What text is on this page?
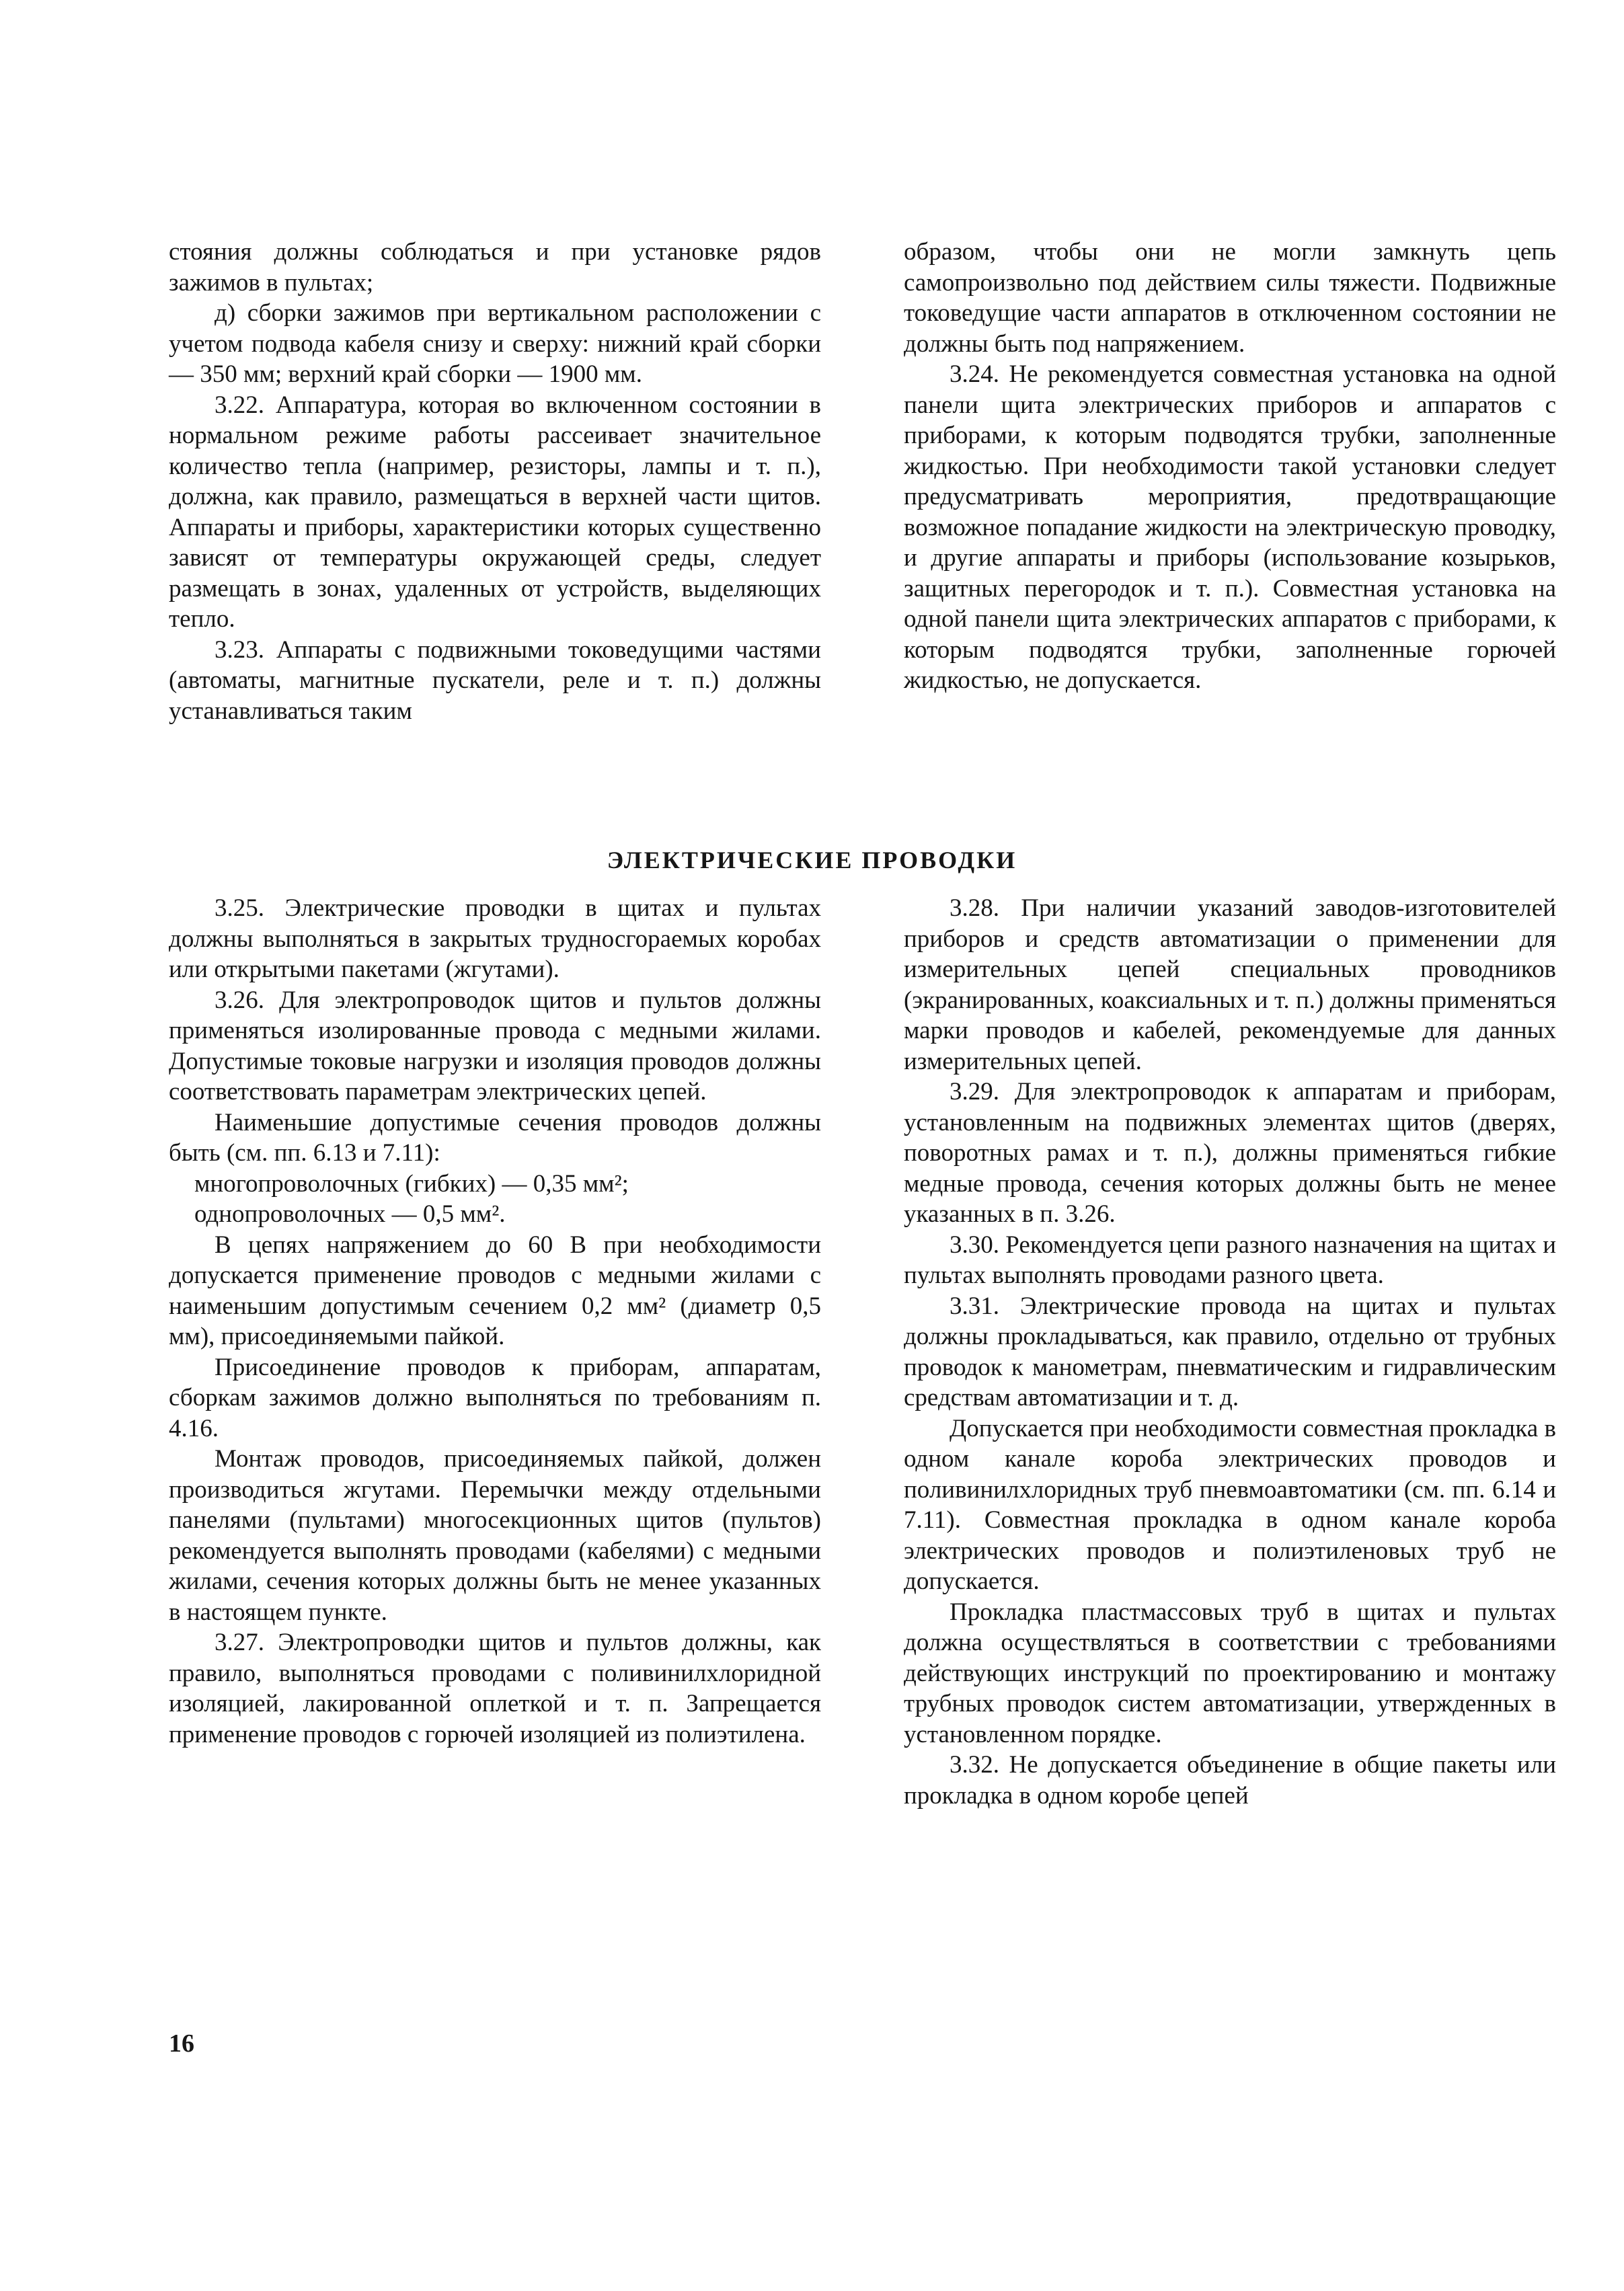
стояния должны соблюдаться и при установке рядов зажимов в пультах;

д) сборки зажимов при вертикальном расположении с учетом подвода кабеля снизу и сверху: нижний край сборки — 350 мм; верхний край сборки — 1900 мм.

3.22. Аппаратура, которая во включенном состоянии в нормальном режиме работы рассеивает значительное количество тепла (например, резисторы, лампы и т. п.), должна, как правило, размещаться в верхней части щитов. Аппараты и приборы, характеристики которых существенно зависят от температуры окружающей среды, следует размещать в зонах, удаленных от устройств, выделяющих тепло.

3.23. Аппараты с подвижными токоведущими частями (автоматы, магнитные пускатели, реле и т. п.) должны устанавливаться таким

образом, чтобы они не могли замкнуть цепь самопроизвольно под действием силы тяжести. Подвижные токоведущие части аппаратов в отключенном состоянии не должны быть под напряжением.

3.24. Не рекомендуется совместная установка на одной панели щита электрических приборов и аппаратов с приборами, к которым подводятся трубки, заполненные жидкостью. При необходимости такой установки следует предусматривать мероприятия, предотвращающие возможное попадание жидкости на электрическую проводку, и другие аппараты и приборы (использование козырьков, защитных перегородок и т. п.). Совместная установка на одной панели щита электрических аппаратов с приборами, к которым подводятся трубки, заполненные горючей жидкостью, не допускается.

ЭЛЕКТРИЧЕСКИЕ ПРОВОДКИ

3.25. Электрические проводки в щитах и пультах должны выполняться в закрытых трудносгораемых коробах или открытыми пакетами (жгутами).

3.26. Для электропроводок щитов и пультов должны применяться изолированные провода с медными жилами. Допустимые токовые нагрузки и изоляция проводов должны соответствовать параметрам электрических цепей.

Наименьшие допустимые сечения проводов должны быть (см. пп. 6.13 и 7.11):

многопроволочных (гибких) — 0,35 мм²;

однопроволочных — 0,5 мм².

В цепях напряжением до 60 В при необходимости допускается применение проводов с медными жилами с наименьшим допустимым сечением 0,2 мм² (диаметр 0,5 мм), присоединяемыми пайкой.

Присоединение проводов к приборам, аппаратам, сборкам зажимов должно выполняться по требованиям п. 4.16.

Монтаж проводов, присоединяемых пайкой, должен производиться жгутами. Перемычки между отдельными панелями (пультами) многосекционных щитов (пультов) рекомендуется выполнять проводами (кабелями) с медными жилами, сечения которых должны быть не менее указанных в настоящем пункте.

3.27. Электропроводки щитов и пультов должны, как правило, выполняться проводами с поливинилхлоридной изоляцией, лакированной оплеткой и т. п. Запрещается применение проводов с горючей изоляцией из полиэтилена.

3.28. При наличии указаний заводов-изготовителей приборов и средств автоматизации о применении для измерительных цепей специальных проводников (экранированных, коаксиальных и т. п.) должны применяться марки проводов и кабелей, рекомендуемые для данных измерительных цепей.

3.29. Для электропроводок к аппаратам и приборам, установленным на подвижных элементах щитов (дверях, поворотных рамах и т. п.), должны применяться гибкие медные провода, сечения которых должны быть не менее указанных в п. 3.26.

3.30. Рекомендуется цепи разного назначения на щитах и пультах выполнять проводами разного цвета.

3.31. Электрические провода на щитах и пультах должны прокладываться, как правило, отдельно от трубных проводок к манометрам, пневматическим и гидравлическим средствам автоматизации и т. д.

Допускается при необходимости совместная прокладка в одном канале короба электрических проводов и поливинилхлоридных труб пневмоавтоматики (см. пп. 6.14 и 7.11). Совместная прокладка в одном канале короба электрических проводов и полиэтиленовых труб не допускается.

Прокладка пластмассовых труб в щитах и пультах должна осуществляться в соответствии с требованиями действующих инструкций по проектированию и монтажу трубных проводок систем автоматизации, утвержденных в установленном порядке.

3.32. Не допускается объединение в общие пакеты или прокладка в одном коробе цепей

16
